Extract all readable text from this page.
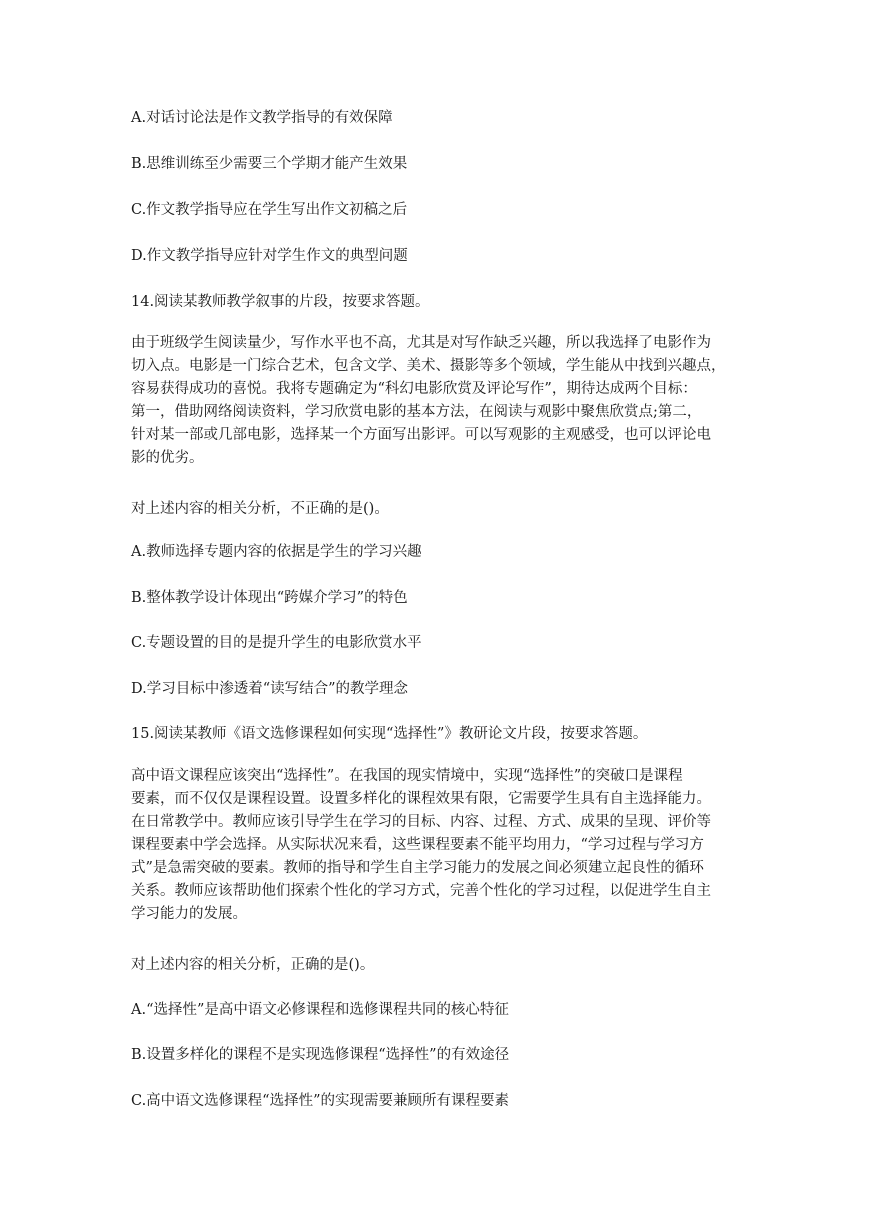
A.对话讨论法是作文教学指导的有效保障
B.思维训练至少需要三个学期才能产生效果
C.作文教学指导应在学生写出作文初稿之后
D.作文教学指导应针对学生作文的典型问题
14.阅读某教师教学叙事的片段，按要求答题。
由于班级学生阅读量少，写作水平也不高，尤其是对写作缺乏兴趣，所以我选择了电影作为
切入点。电影是一门综合艺术，包含文学、美术、摄影等多个领域，学生能从中找到兴趣点，
容易获得成功的喜悦。我将专题确定为“科幻电影欣赏及评论写作”，期待达成两个目标：
第一，借助网络阅读资料，学习欣赏电影的基本方法，在阅读与观影中聚焦欣赏点;第二，
针对某一部或几部电影，选择某一个方面写出影评。可以写观影的主观感受，也可以评论电
影的优劣。
对上述内容的相关分析，不正确的是()。
A.教师选择专题内容的依据是学生的学习兴趣
B.整体教学设计体现出“跨媒介学习”的特色
C.专题设置的目的是提升学生的电影欣赏水平
D.学习目标中渗透着“读写结合”的教学理念
15.阅读某教师《语文选修课程如何实现“选择性”》教研论文片段，按要求答题。
高中语文课程应该突出“选择性”。在我国的现实情境中，实现“选择性”的突破口是课程
要素，而不仅仅是课程设置。设置多样化的课程效果有限，它需要学生具有自主选择能力。
在日常教学中。教师应该引导学生在学习的目标、内容、过程、方式、成果的呈现、评价等
课程要素中学会选择。从实际状况来看，这些课程要素不能平均用力，“学习过程与学习方
式”是急需突破的要素。教师的指导和学生自主学习能力的发展之间必须建立起良性的循环
关系。教师应该帮助他们探索个性化的学习方式，完善个性化的学习过程，以促进学生自主
学习能力的发展。
对上述内容的相关分析，正确的是()。
A.“选择性”是高中语文必修课程和选修课程共同的核心特征
B.设置多样化的课程不是实现选修课程“选择性”的有效途径
C.高中语文选修课程“选择性”的实现需要兼顾所有课程要素
